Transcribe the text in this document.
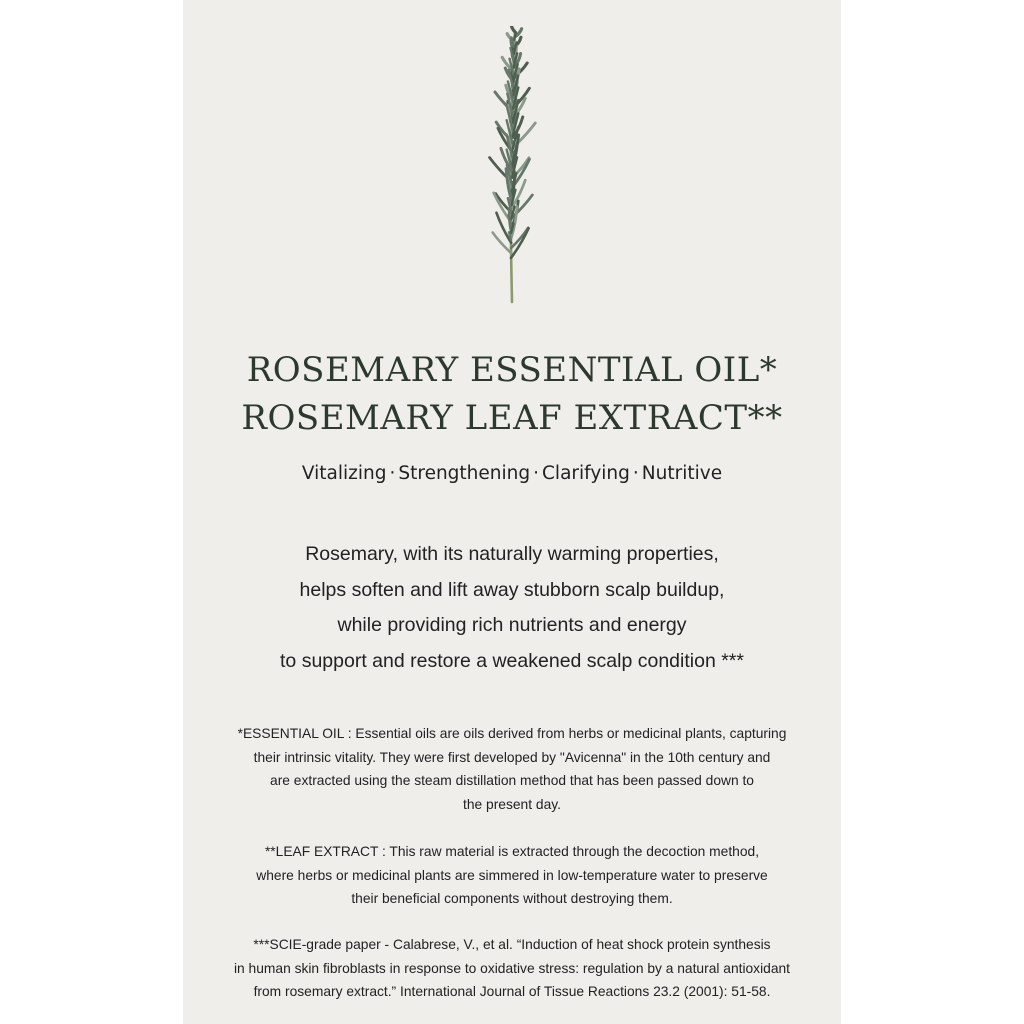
ROSEMARY ESSENTIAL OIL*
ROSEMARY LEAF EXTRACT**
Vitalizing · Strengthening · Clarifying · Nutritive
Rosemary, with its naturally warming properties,
helps soften and lift away stubborn scalp buildup,
while providing rich nutrients and energy
to support and restore a weakened scalp condition ***
*ESSENTIAL OIL : Essential oils are oils derived from herbs or medicinal plants, capturing
their intrinsic vitality. They were first developed by "Avicenna" in the 10th century and
are extracted using the steam distillation method that has been passed down to
the present day.
**LEAF EXTRACT : This raw material is extracted through the decoction method,
where herbs or medicinal plants are simmered in low-temperature water to preserve
their beneficial components without destroying them.
***SCIE-grade paper - Calabrese, V., et al. “Induction of heat shock protein synthesis
in human skin fibroblasts in response to oxidative stress: regulation by a natural antioxidant
from rosemary extract.” International Journal of Tissue Reactions 23.2 (2001): 51-58.
